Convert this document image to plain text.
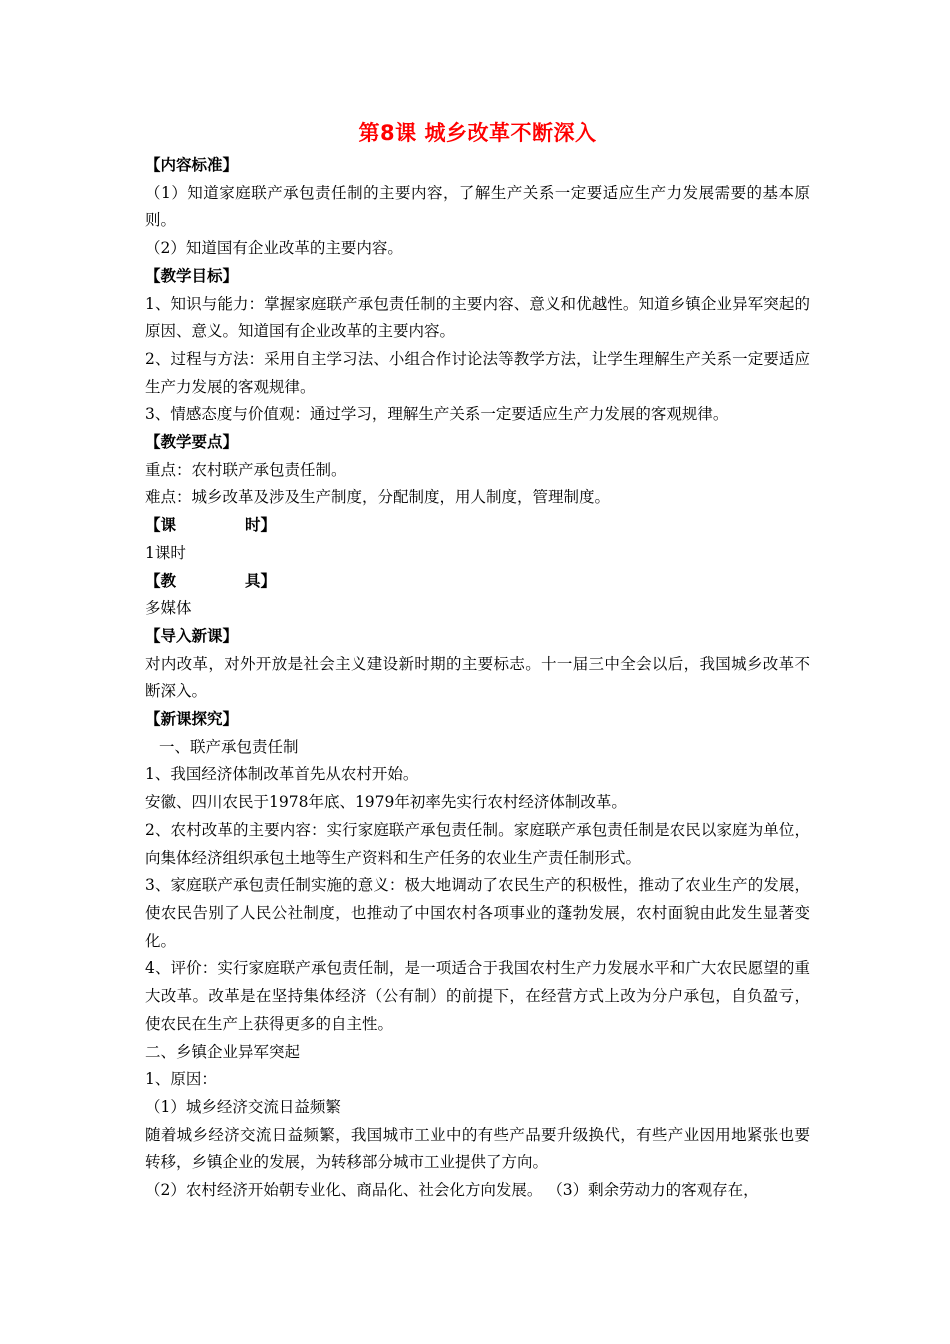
第8课 城乡改革不断深入

【内容标准】

（1）知道家庭联产承包责任制的主要内容，了解生产关系一定要适应生产力发展需要的基本原则。

（2）知道国有企业改革的主要内容。

【教学目标】

1、知识与能力：掌握家庭联产承包责任制的主要内容、意义和优越性。知道乡镇企业异军突起的原因、意义。知道国有企业改革的主要内容。

2、过程与方法：采用自主学习法、小组合作讨论法等教学方法，让学生理解生产关系一定要适应生产力发展的客观规律。

3、情感态度与价值观：通过学习，理解生产关系一定要适应生产力发展的客观规律。

【教学要点】

重点：农村联产承包责任制。

难点：城乡改革及涉及生产制度，分配制度，用人制度，管理制度。

【课	时】

1课时

【教	具】

多媒体

【导入新课】

对内改革，对外开放是社会主义建设新时期的主要标志。十一届三中全会以后，我国城乡改革不断深入。

【新课探究】

一、联产承包责任制

1、我国经济体制改革首先从农村开始。

安徽、四川农民于1978年底、1979年初率先实行农村经济体制改革。

2、农村改革的主要内容：实行家庭联产承包责任制。家庭联产承包责任制是农民以家庭为单位，向集体经济组织承包土地等生产资料和生产任务的农业生产责任制形式。

3、家庭联产承包责任制实施的意义：极大地调动了农民生产的积极性，推动了农业生产的发展，使农民告别了人民公社制度，也推动了中国农村各项事业的蓬勃发展，农村面貌由此发生显著变化。

4、评价：实行家庭联产承包责任制，是一项适合于我国农村生产力发展水平和广大农民愿望的重大改革。改革是在坚持集体经济（公有制）的前提下，在经营方式上改为分户承包，自负盈亏，使农民在生产上获得更多的自主性。

二、乡镇企业异军突起

1、原因：

（1）城乡经济交流日益频繁

随着城乡经济交流日益频繁，我国城市工业中的有些产品要升级换代，有些产业因用地紧张也要转移，乡镇企业的发展，为转移部分城市工业提供了方向。

（2）农村经济开始朝专业化、商品化、社会化方向发展。 （3）剩余劳动力的客观存在，
